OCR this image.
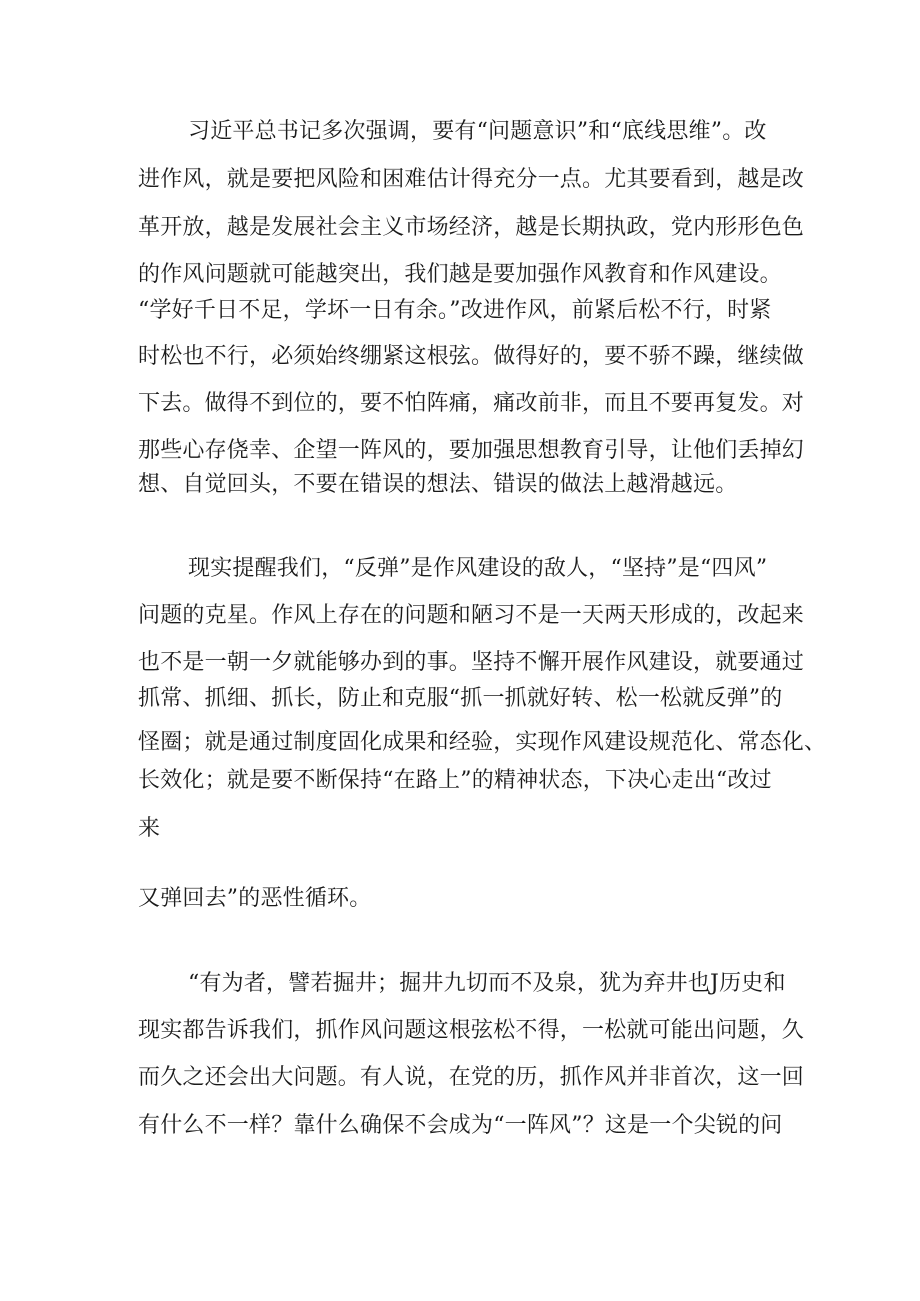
习近平总书记多次强调，要有“问题意识”和“底线思维”。改
进作风，就是要把风险和困难估计得充分一点。尤其要看到，越是改
革开放，越是发展社会主义市场经济，越是长期执政，党内形形色色
的作风问题就可能越突出，我们越是要加强作风教育和作风建设。
“学好千日不足，学坏一日有余。”改进作风，前紧后松不行，时紧
时松也不行，必须始终绷紧这根弦。做得好的，要不骄不躁，继续做
下去。做得不到位的，要不怕阵痛，痛改前非，而且不要再复发。对
那些心存侥幸、企望一阵风的，要加强思想教育引导，让他们丢掉幻
想、自觉回头，不要在错误的想法、错误的做法上越滑越远。
现实提醒我们，“反弹”是作风建设的敌人，“坚持”是“四风”
问题的克星。作风上存在的问题和陋习不是一天两天形成的，改起来
也不是一朝一夕就能够办到的事。坚持不懈开展作风建设，就要通过
抓常、抓细、抓长，防止和克服“抓一抓就好转、松一松就反弹”的
怪圈；就是通过制度固化成果和经验，实现作风建设规范化、常态化、
长效化；就是要不断保持“在路上”的精神状态，下决心走出“改过
来
又弹回去”的恶性循环。
“有为者，譬若掘井；掘井九切而不及泉，犹为弃井也J历史和
现实都告诉我们，抓作风问题这根弦松不得，一松就可能出问题，久
而久之还会出大问题。有人说，在党的历，抓作风并非首次，这一回
有什么不一样？靠什么确保不会成为“一阵风”？这是一个尖锐的问
